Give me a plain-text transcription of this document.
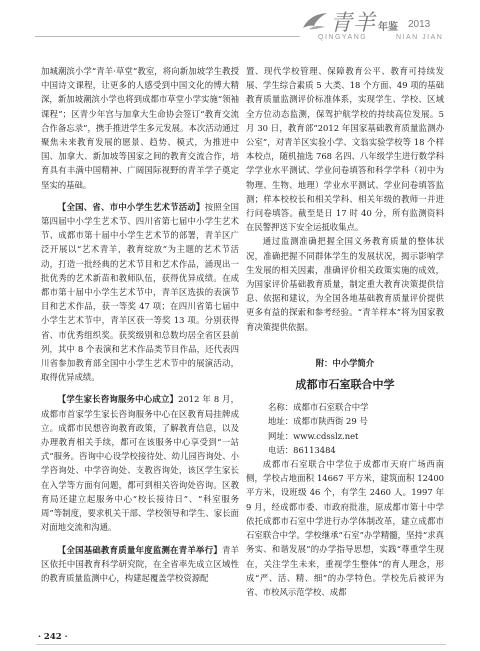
青羊 年鉴 2013
QINGYANG	NIAN JIAN

加城潮滨小学“青羊·草堂”教室，将向新加坡学生教授中国诗文课程，让更多的人感受到中国文化的博大精深，新加坡潮滨小学也将到成都市草堂小学实施“领袖课程”；区青少年宫与加拿大生命协会签订“教育交流合作备忘录”，携手推进学生多元发展。本次活动通过聚焦未来教育发展的愿景、趋势、模式，为推进中国、加拿大、新加坡等国家之间的教育交流合作，培育具有丰满中国精神、广阔国际视野的青羊学子奠定坚实的基础。

【全国、省、市中小学生艺术节活动】按照全国第四届中小学生艺术节、四川省第七届中小学生艺术节、成都市第十届中小学生艺术节的部署，青羊区广泛开展以“艺术青羊，教育绽放”为主题的艺术节活动，打造一批经典的艺术节目和艺术作品，涌现出一批优秀的艺术新苗和教师队伍，获得优异成绩。在成都市第十届中小学生艺术节中，青羊区选拔的表演节目和艺术作品，获一等奖 47 项；在四川省第七届中小学生艺术节中，青羊区获一等奖 13 项。分别获得省、市优秀组织奖。获奖级别和总数均居全省区县前列，其中 8 个表演和艺术作品类节目作品，还代表四川省参加教育部全国中小学生艺术节中的展演活动，取得优异成绩。

【学生家长咨询服务中心成立】2012 年 8 月，成都市首家学生家长咨询服务中心在区教育局挂牌成立。成都市民想咨询教育政策，了解教育信息，以及办理教育相关手续，都可在该服务中心享受到“一站式”服务。咨询中心设学校接待处、幼儿园咨询处、小学咨询处、中学咨询处、支教咨询处，该区学生家长在入学等方面有问题，都可到相关咨询处咨询。区教育局还建立起服务中心“校长接待日”、“科室服务周”等制度，要求机关干部、学校领导和学生、家长面对面地交流和沟通。

【全国基础教育质量年度监测在青羊举行】青羊区依托中国教育科学研究院，在全省率先成立区域性的教育质量监测中心，构建起覆盖学校资源配

置、现代学校管理、保障教育公平、教育可持续发展、学生综合素质 5 大类、18 个方面、49 项的基础教育质量监测评价标准体系，实现学生、学校、区域全方位动态监测，保驾护航学校的持续高位发展。5 月 30 日，教育部“2012 年国家基础教育质量监测办公室”，对青羊区实验小学、文翁实验学校等 18 个样本校点，随机抽选 768 名四、八年级学生进行数学科学学业水平测试、学业问卷填答和科学学科（初中为物理、生物、地理）学业水平测试、学业问卷填答监测；样本校校长和相关学科、相关年级的教师一并进行问卷填答。截至是日 17 时 40 分，所有监测资料在民警押送下安全运抵收集点。

通过监测准确把握全国义务教育质量的整体状况，准确把握不同群体学生的发展状况，揭示影响学生发展的相关因素，准确评价相关政策实施的成效，为国家评价基础教育质量，制定重大教育决策提供信息、依据和建议，为全国各地基础教育质量评价提供更多有益的探索和参考经验。“青羊样本”将为国家教育决策提供依据。

附：中小学简介
成都市石室联合中学

名称：成都市石室联合中学

地址：成都市陕西街 29 号

网址：www.cdsslz.net

电话：86113484

成都市石室联合中学位于成都市天府广场西南侧，学校占地面积 14667 平方米，建筑面积 12400 平方米，设班级 46 个，有学生 2460 人。1997 年 9 月，经成都市委、市政府批准，原成都市第十中学依托成都市石室中学进行办学体制改革，建立成都市石室联合中学。学校继承“石室”办学精髓，坚持“求真务实、和谐发展”的办学指导思想，实践“尊重学生现在，关注学生未来，重视学生整体”的育人理念，形成“严、活、精、细”的办学特色。学校先后被评为省、市校风示范学校、成都

· 242 ·
